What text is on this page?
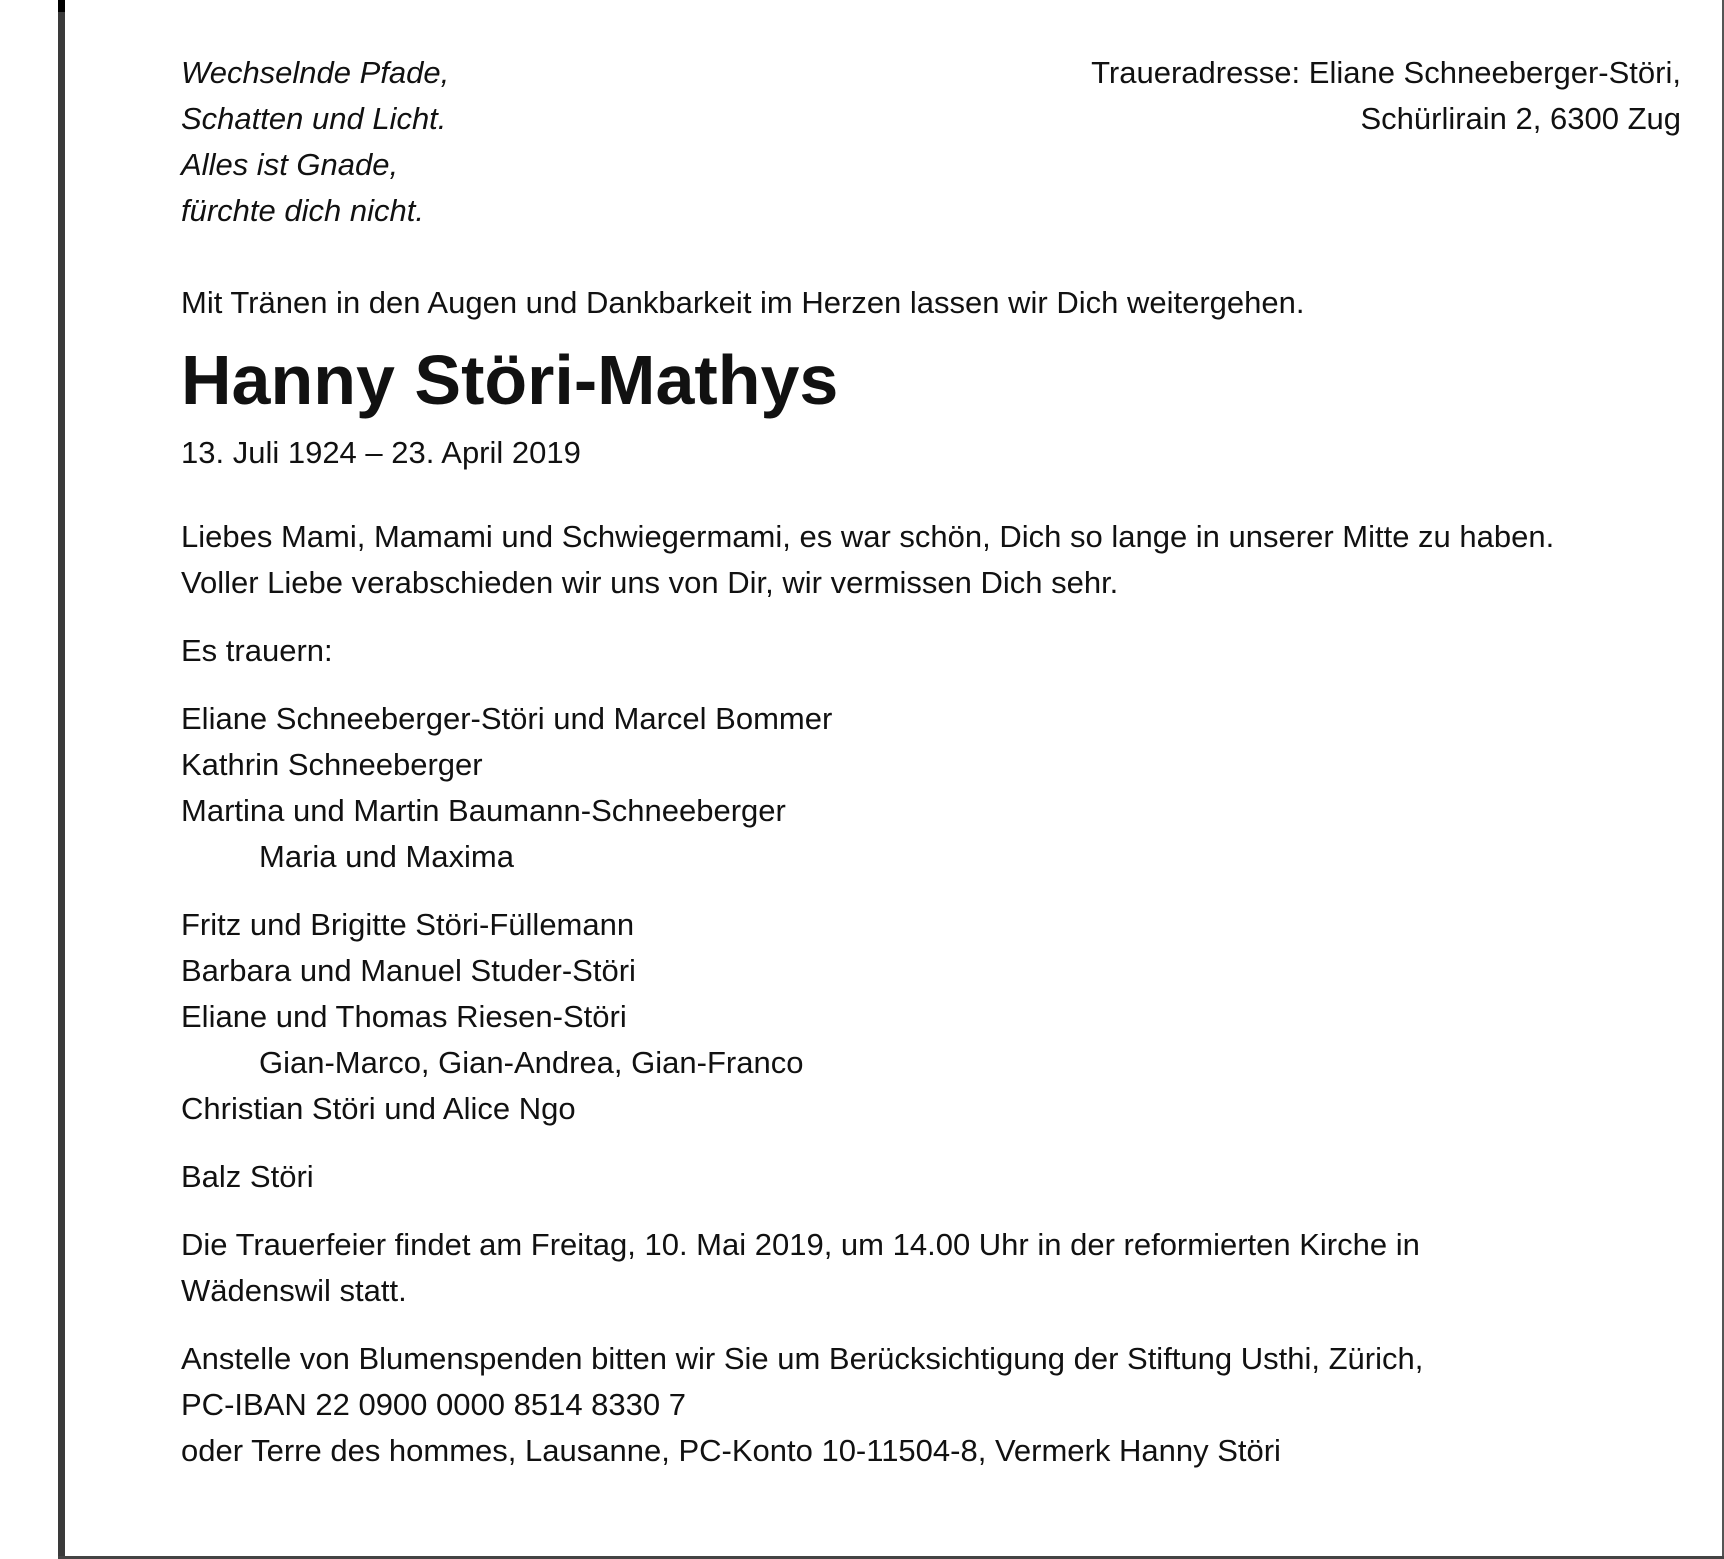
Wechselnde Pfade,
Schatten und Licht.
Alles ist Gnade,
fürchte dich nicht.
Traueradresse: Eliane Schneeberger-Störi,
Schürlirain 2, 6300 Zug
Mit Tränen in den Augen und Dankbarkeit im Herzen lassen wir Dich weitergehen.
Hanny Störi-Mathys
13. Juli 1924 – 23. April 2019
Liebes Mami, Mamami und Schwiegermami, es war schön, Dich so lange in unserer Mitte zu haben.
Voller Liebe verabschieden wir uns von Dir, wir vermissen Dich sehr.
Es trauern:
Eliane Schneeberger-Störi und Marcel Bommer
Kathrin Schneeberger
Martina und Martin Baumann-Schneeberger
Maria und Maxima
Fritz und Brigitte Störi-Füllemann
Barbara und Manuel Studer-Störi
Eliane und Thomas Riesen-Störi
Gian-Marco, Gian-Andrea, Gian-Franco
Christian Störi und Alice Ngo
Balz Störi
Die Trauerfeier findet am Freitag, 10. Mai 2019, um 14.00 Uhr in der reformierten Kirche in
Wädenswil statt.
Anstelle von Blumenspenden bitten wir Sie um Berücksichtigung der Stiftung Usthi, Zürich,
PC-IBAN 22 0900 0000 8514 8330 7
oder Terre des hommes, Lausanne, PC-Konto 10-11504-8, Vermerk Hanny Störi
